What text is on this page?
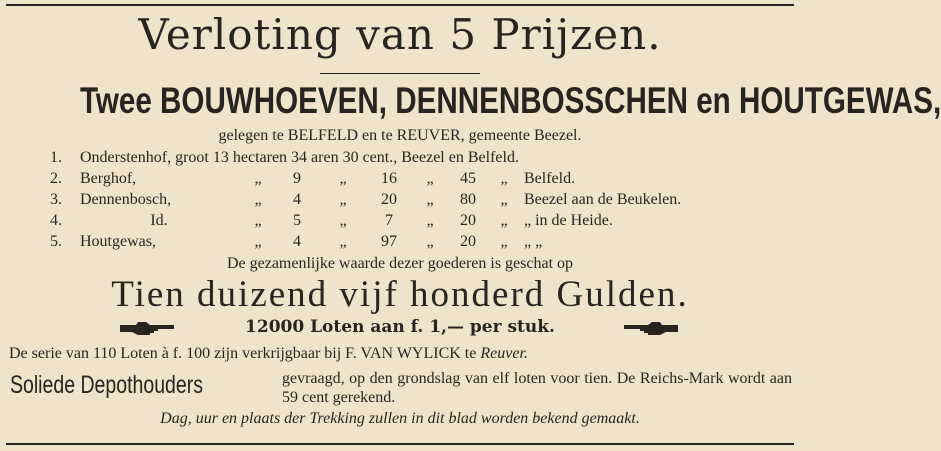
Verloting van 5 Prijzen.
Twee BOUWHOEVEN, DENNENBOSSCHEN en HOUTGEWAS,
gelegen te BELFELD en te REUVER, gemeente Beezel.
1.	Onderstenhof, groot 13 hectaren 34 aren 30 cent., Beezel en Belfeld.								
2.	Berghof,	„	9	„	16	„	45	„	Belfeld.
3.	Dennenbosch,	„	4	„	20	„	80	„	Beezel aan de Beukelen.
4.	Id.	„	5	„	7	„	20	„	„ in de Heide.
5.	Houtgewas,	„	4	„	97	„	20	„	„ „
De gezamenlijke waarde dezer goederen is geschat op
Tien duizend vijf honderd Gulden.
12000 Loten aan f. 1,— per stuk.
De serie van 110 Loten à f. 100 zijn verkrijgbaar bij F. VAN WYLICK te Reuver.
Soliede Depothouders	gevraagd, op den grondslag van elf loten voor tien. De Reichs-Mark wordt aan 59 cent gerekend.
Dag, uur en plaats der Trekking zullen in dit blad worden bekend gemaakt.
